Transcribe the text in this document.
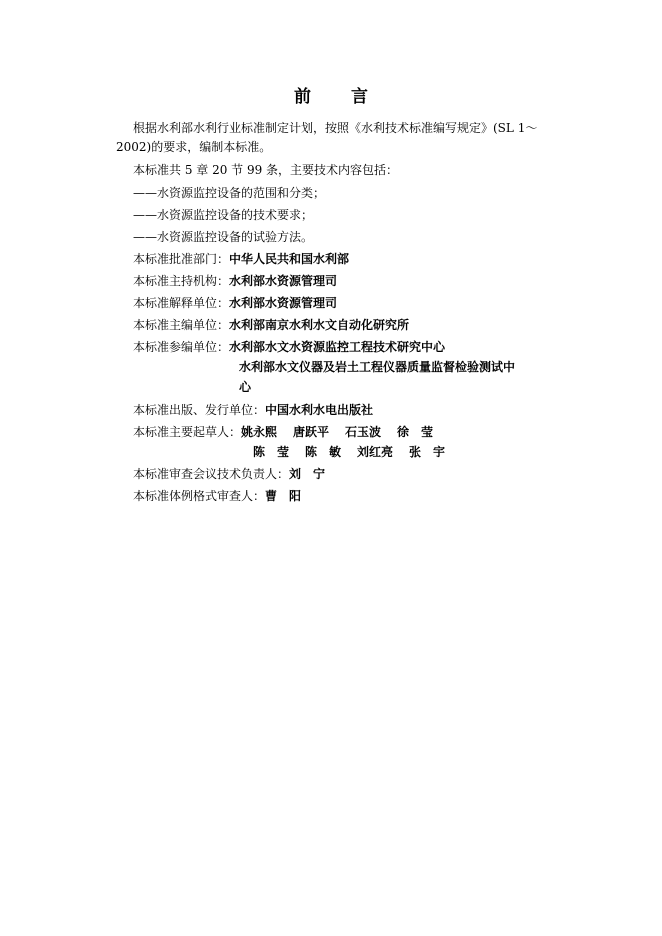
前 言
根据水利部水利行业标准制定计划，按照《水利技术标准编写规定》(SL 1～
2002)的要求，编制本标准。
本标准共 5 章 20 节 99 条，主要技术内容包括：
——水资源监控设备的范围和分类；
——水资源监控设备的技术要求；
——水资源监控设备的试验方法。
本标准批准部门：中华人民共和国水利部
本标准主持机构：水利部水资源管理司
本标准解释单位：水利部水资源管理司
本标准主编单位：水利部南京水利水文自动化研究所
本标准参编单位：水利部水文水资源监控工程技术研究中心
水利部水文仪器及岩土工程仪器质量监督检验测试中
心
本标准出版、发行单位：中国水利水电出版社
本标准主要起草人：姚永熙 唐跃平 石玉波 徐　莹
陈　莹 陈　敏 刘红亮 张　宇
本标准审查会议技术负责人：刘　宁
本标准体例格式审查人：曹　阳
